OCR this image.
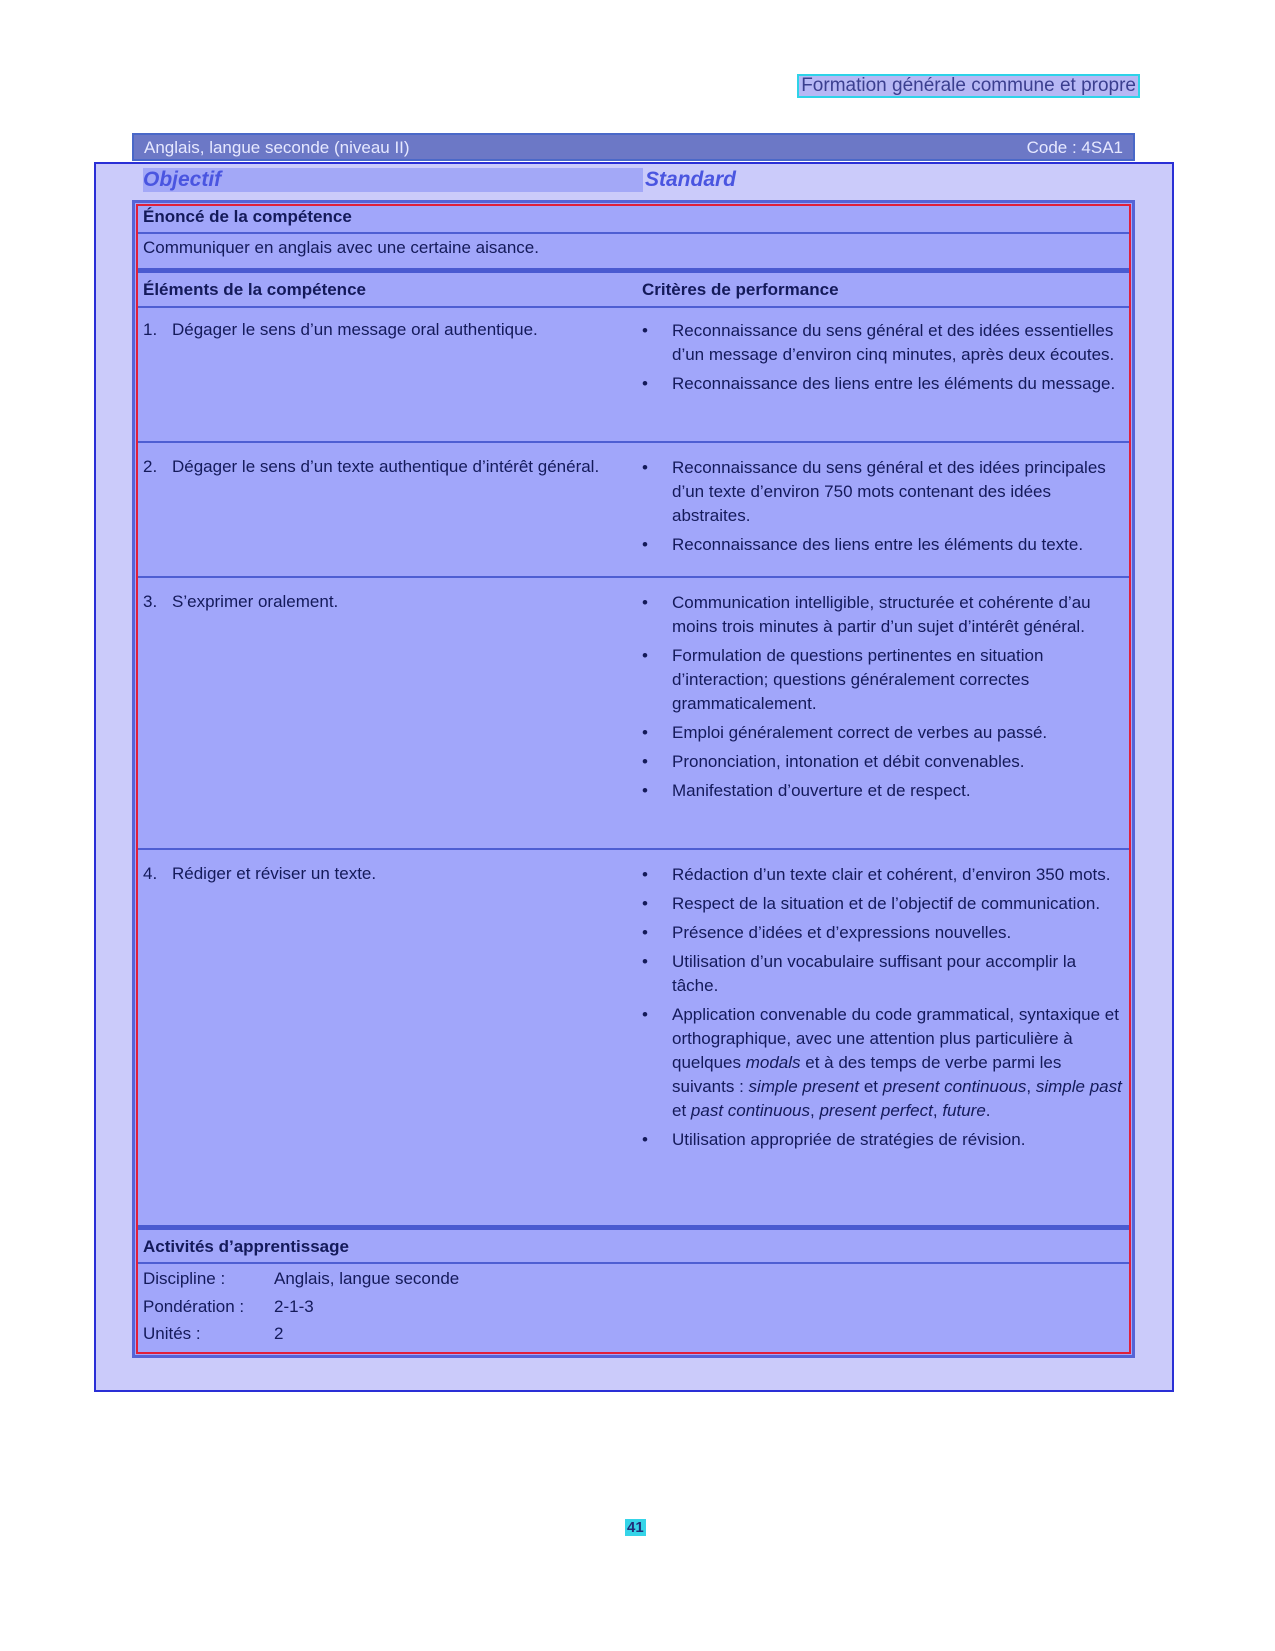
Formation générale commune et propre
Anglais, langue seconde (niveau II)	Code : 4SA1
Objectif	Standard
Énoncé de la compétence
Communiquer en anglais avec une certaine aisance.
Éléments de la compétence	Critères de performance
1. Dégager le sens d’un message oral authentique.	• Reconnaissance du sens général et des idées essentielles d’un message d’environ cinq minutes, après deux écoutes.
• Reconnaissance des liens entre les éléments du message.
2. Dégager le sens d’un texte authentique d’intérêt général.	• Reconnaissance du sens général et des idées principales d’un texte d’environ 750 mots contenant des idées abstraites.
• Reconnaissance des liens entre les éléments du texte.
3. S’exprimer oralement.	• Communication intelligible, structurée et cohérente d’au moins trois minutes à partir d’un sujet d’intérêt général.
• Formulation de questions pertinentes en situation d’interaction; questions généralement correctes grammaticalement.
• Emploi généralement correct de verbes au passé.
• Prononciation, intonation et débit convenables.
• Manifestation d’ouverture et de respect.
4. Rédiger et réviser un texte.	• Rédaction d’un texte clair et cohérent, d’environ 350 mots.
• Respect de la situation et de l’objectif de communication.
• Présence d’idées et d’expressions nouvelles.
• Utilisation d’un vocabulaire suffisant pour accomplir la tâche.
• Application convenable du code grammatical, syntaxique et orthographique, avec une attention plus particulière à quelques modals et à des temps de verbe parmi les suivants : simple present et present continuous, simple past et past continuous, present perfect, future.
• Utilisation appropriée de stratégies de révision.
Activités d’apprentissage
Discipline :	Anglais, langue seconde
Pondération : 2-1-3
Unités :	2
41
